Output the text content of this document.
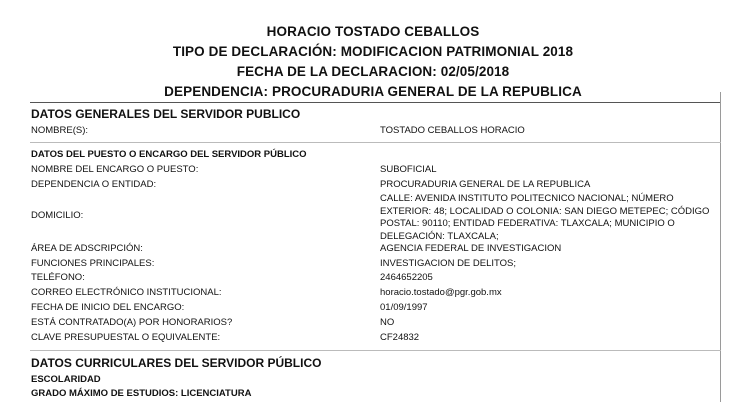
HORACIO TOSTADO CEBALLOS
TIPO DE DECLARACIÓN: MODIFICACION PATRIMONIAL 2018
FECHA DE LA DECLARACION: 02/05/2018
DEPENDENCIA: PROCURADURIA GENERAL DE LA REPUBLICA
DATOS GENERALES DEL SERVIDOR PUBLICO
NOMBRE(S):	TOSTADO CEBALLOS HORACIO
DATOS DEL PUESTO O ENCARGO DEL SERVIDOR PÚBLICO
NOMBRE DEL ENCARGO O PUESTO:	SUBOFICIAL
DEPENDENCIA O ENTIDAD:	PROCURADURIA GENERAL DE LA REPUBLICA
DOMICILIO:
CALLE: AVENIDA INSTITUTO POLITECNICO NACIONAL; NÚMERO EXTERIOR: 48; LOCALIDAD O COLONIA: SAN DIEGO METEPEC; CÓDIGO POSTAL: 90110; ENTIDAD FEDERATIVA: TLAXCALA; MUNICIPIO O DELEGACIÓN: TLAXCALA;
ÁREA DE ADSCRIPCIÓN:	AGENCIA FEDERAL DE INVESTIGACION
FUNCIONES PRINCIPALES:	INVESTIGACION DE DELITOS;
TELÉFONO:	2464652205
CORREO ELECTRÓNICO INSTITUCIONAL:	horacio.tostado@pgr.gob.mx
FECHA DE INICIO DEL ENCARGO:	01/09/1997
ESTÁ CONTRATADO(A) POR HONORARIOS?	NO
CLAVE PRESUPUESTAL O EQUIVALENTE:	CF24832
DATOS CURRICULARES DEL SERVIDOR PÚBLICO
ESCOLARIDAD
GRADO MÁXIMO DE ESTUDIOS: LICENCIATURA
